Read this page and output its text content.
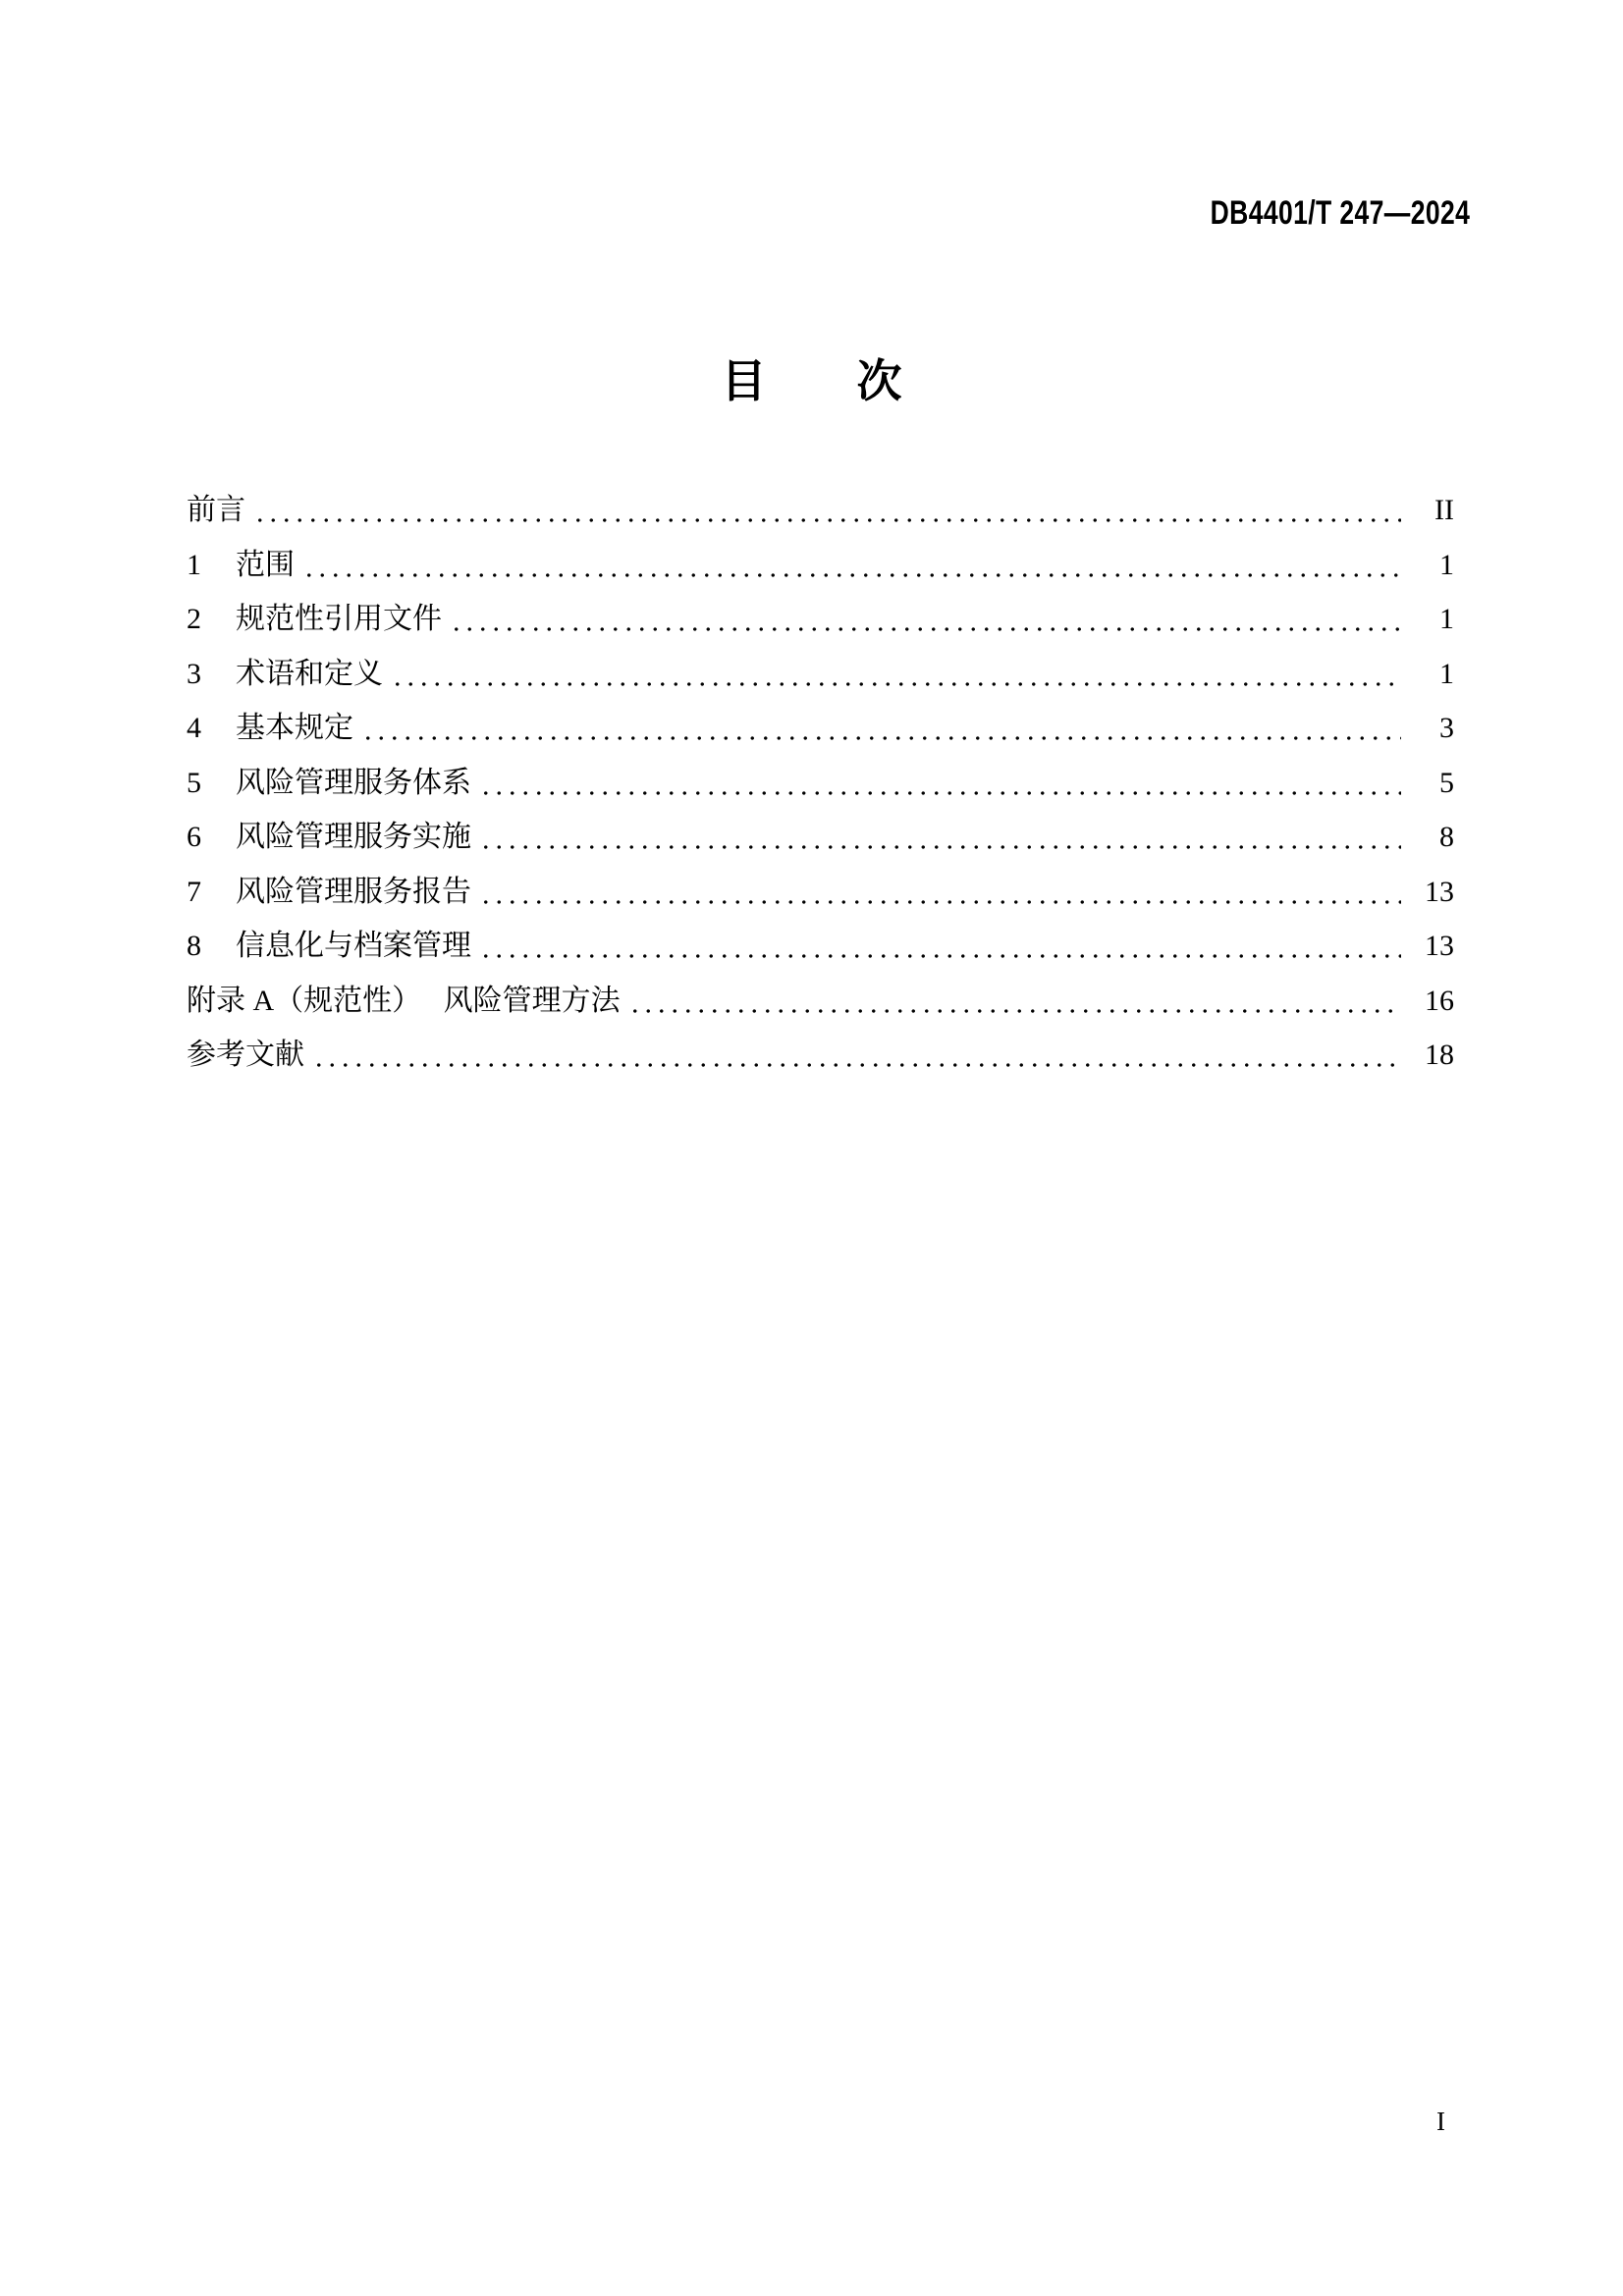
DB4401/T 247—2024
目　　次
前言	II
1	范围	1
2	规范性引用文件	1
3	术语和定义	1
4	基本规定	3
5	风险管理服务体系	5
6	风险管理服务实施	8
7	风险管理服务报告	13
8	信息化与档案管理	13
附录 A（规范性）　 风险管理方法	16
参考文献	18
I
